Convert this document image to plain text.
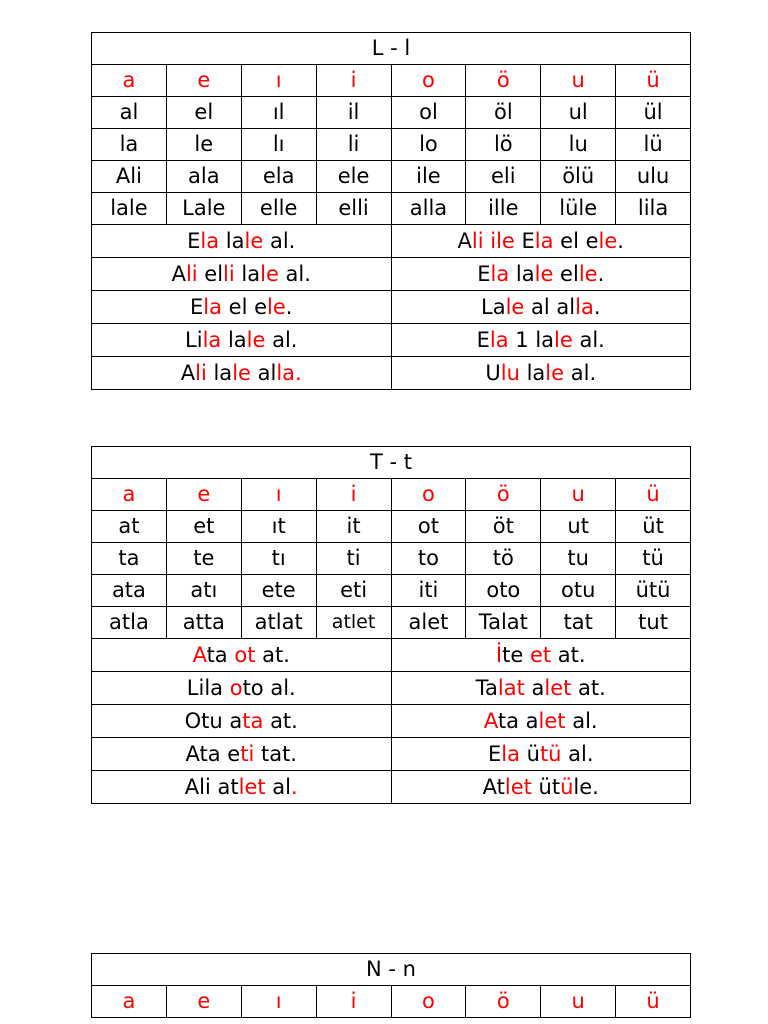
L - l							
a	e	ı	i	o	ö	u	ü
al	el	ıl	il	ol	öl	ul	ül
la	le	lı	li	lo	lö	lu	lü
Ali	ala	ela	ele	ile	eli	ölü	ulu
lale	Lale	elle	elli	alla	ille	lüle	lila
Ela lale al.				Ali ile Ela el ele.			
Ali elli lale al.				Ela lale elle.			
Ela el ele.				Lale al alla.			
Lila lale al.				Ela 1 lale al.			
Ali lale alla.				Ulu lale al.			
T - t							
a	e	ı	i	o	ö	u	ü
at	et	ıt	it	ot	öt	ut	üt
ta	te	tı	ti	to	tö	tu	tü
ata	atı	ete	eti	iti	oto	otu	ütü
atla	atta	atlat	atlet	alet	Talat	tat	tut
Ata ot at.				İte et at.			
Lila oto al.				Talat alet at.			
Otu ata at.				Ata alet al.			
Ata eti tat.				Ela ütü al.			
Ali atlet al.				Atlet ütüle.			
N - n
a	e	ı	i	o	ö	u	ü
